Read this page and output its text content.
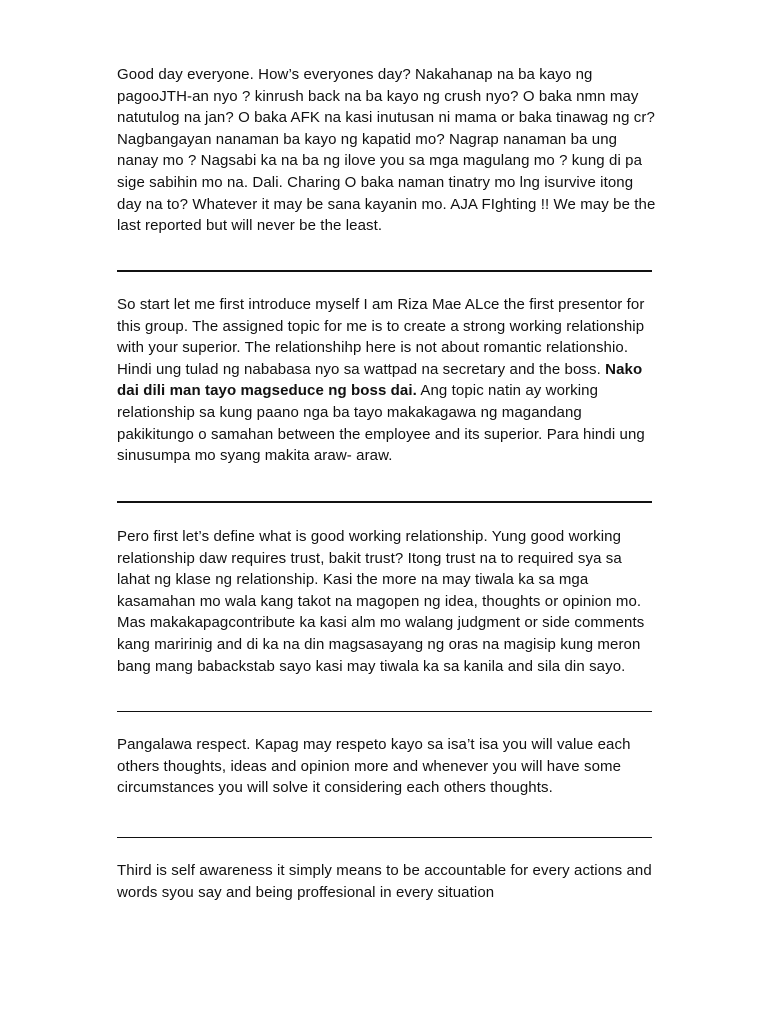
Good day everyone. How’s everyones day? Nakahanap na ba kayo ng pagooJTH-an nyo ? kinrush back na ba kayo ng crush nyo? O baka nmn may natutulog na jan? O baka AFK na kasi inutusan ni mama or baka tinawag ng cr? Nagbangayan nanaman ba kayo ng kapatid mo? Nagrap nanaman ba ung nanay mo ? Nagsabi ka na ba ng ilove you sa mga magulang mo ? kung di pa sige sabihin mo na. Dali. Charing O baka naman tinatry mo lng isurvive itong day na to? Whatever it may be sana kayanin mo. AJA FIghting !! We may be the last reported but will never be the least.

So start let me first introduce myself I am Riza Mae ALce the first presentor for this group. The assigned topic for me is to create a strong working relationship with your superior. The relationshihp here is not about romantic relationshio. Hindi ung tulad ng nababasa nyo sa wattpad na secretary and the boss. Nako dai dili man tayo magseduce ng boss dai. Ang topic natin ay working relationship sa kung paano nga ba tayo makakagawa ng magandang pakikitungo o samahan between the employee and its superior. Para hindi ung sinusumpa mo syang makita araw- araw.

Pero first let’s define what is good working relationship. Yung good working relationship daw requires trust, bakit trust? Itong trust na to required sya sa lahat ng klase ng relationship. Kasi the more na may tiwala ka sa mga kasamahan mo wala kang takot na magopen ng idea, thoughts or opinion mo. Mas makakapagcontribute ka kasi alm mo walang judgment or side comments kang maririnig and di ka na din magsasayang ng oras na magisip kung meron bang mang babackstab sayo kasi may tiwala ka sa kanila and sila din sayo.

Pangalawa respect. Kapag may respeto kayo sa isa’t isa you will value each others thoughts, ideas and opinion more and whenever you will have some circumstances you will solve it considering each others thoughts.

Third is self awareness it simply means to be accountable for every actions and words syou say and being proffesional in every situation
